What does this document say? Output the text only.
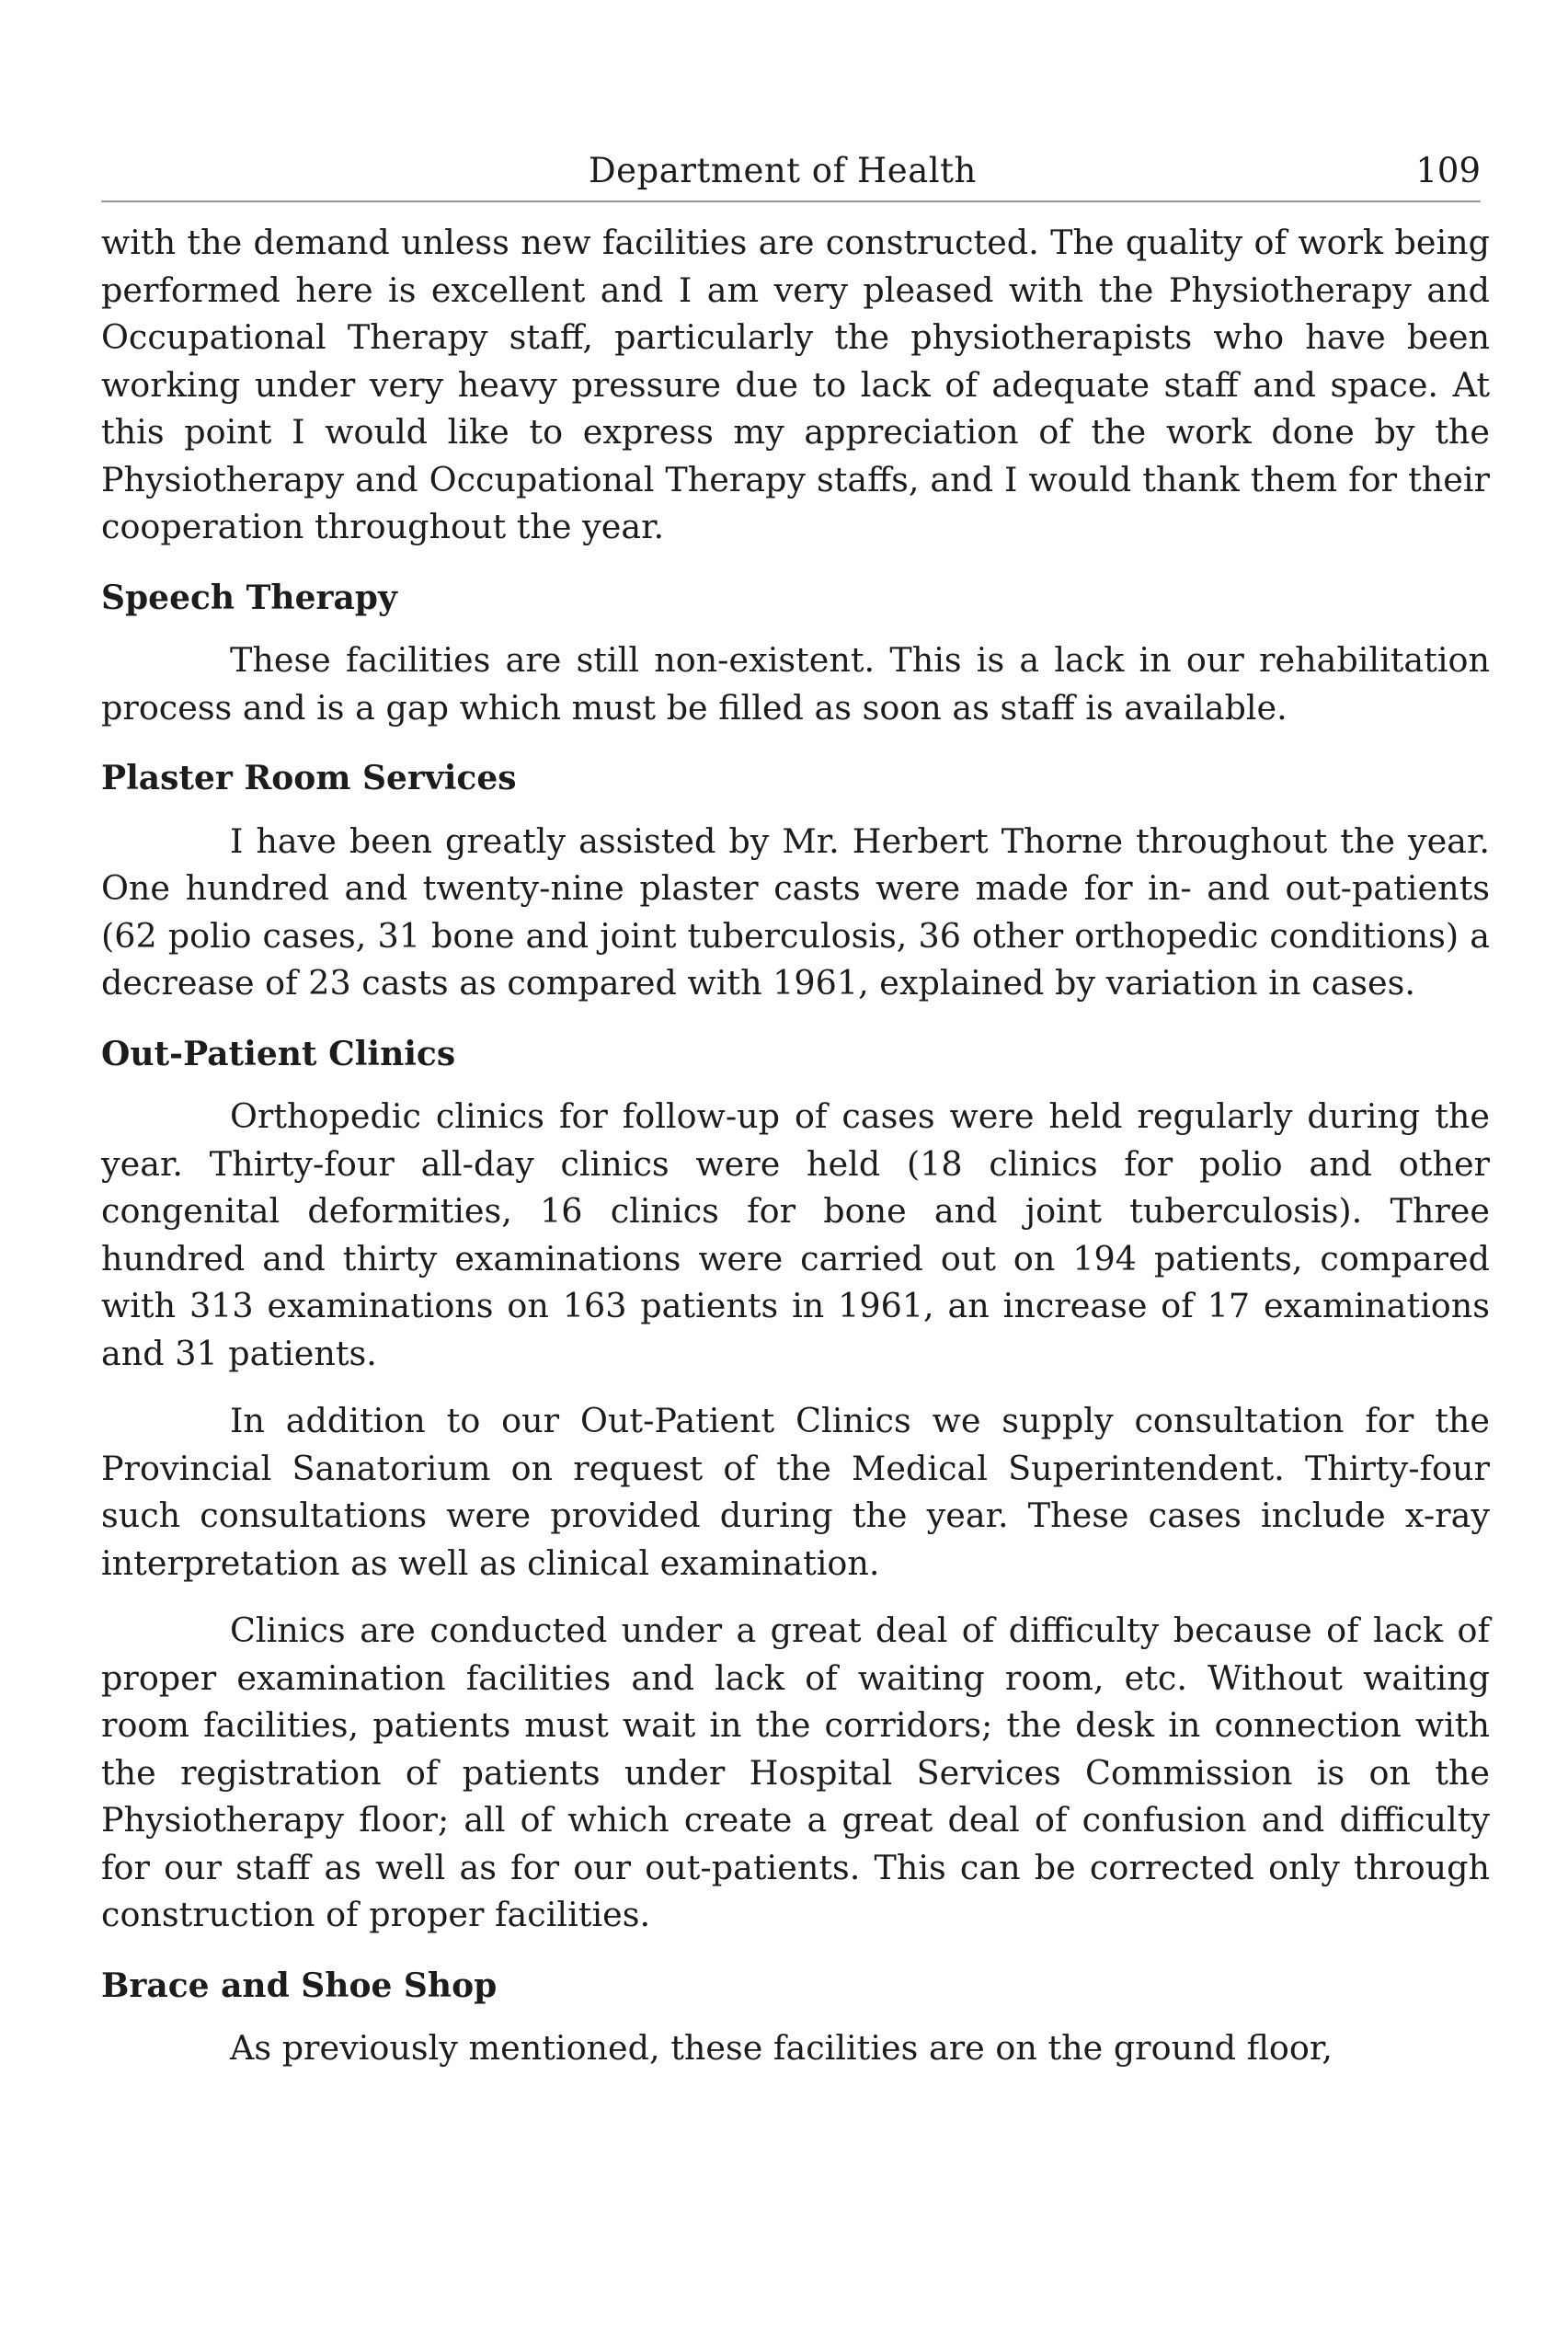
Department of Health	109

with the demand unless new facilities are constructed. The quality of work being performed here is excellent and I am very pleased with the Physiotherapy and Occupational Therapy staff, particularly the physiotherapists who have been working under very heavy pressure due to lack of adequate staff and space. At this point I would like to express my appreciation of the work done by the Physiotherapy and Occupational Therapy staffs, and I would thank them for their cooperation throughout the year.

Speech Therapy

These facilities are still non-existent. This is a lack in our rehabilitation process and is a gap which must be filled as soon as staff is available.

Plaster Room Services

I have been greatly assisted by Mr. Herbert Thorne throughout the year. One hundred and twenty-nine plaster casts were made for in- and out-patients (62 polio cases, 31 bone and joint tuberculosis, 36 other orthopedic conditions) a decrease of 23 casts as compared with 1961, explained by variation in cases.

Out-Patient Clinics

Orthopedic clinics for follow-up of cases were held regularly during the year. Thirty-four all-day clinics were held (18 clinics for polio and other congenital deformities, 16 clinics for bone and joint tuberculosis). Three hundred and thirty examinations were carried out on 194 patients, compared with 313 examinations on 163 patients in 1961, an increase of 17 examinations and 31 patients.

In addition to our Out-Patient Clinics we supply consultation for the Provincial Sanatorium on request of the Medical Superintendent. Thirty-four such consultations were provided during the year. These cases include x-ray interpretation as well as clinical examination.

Clinics are conducted under a great deal of difficulty because of lack of proper examination facilities and lack of waiting room, etc. Without waiting room facilities, patients must wait in the corridors; the desk in connection with the registration of patients under Hospital Services Commission is on the Physiotherapy floor; all of which create a great deal of confusion and difficulty for our staff as well as for our out-patients. This can be corrected only through construction of proper facilities.

Brace and Shoe Shop

As previously mentioned, these facilities are on the ground floor,
